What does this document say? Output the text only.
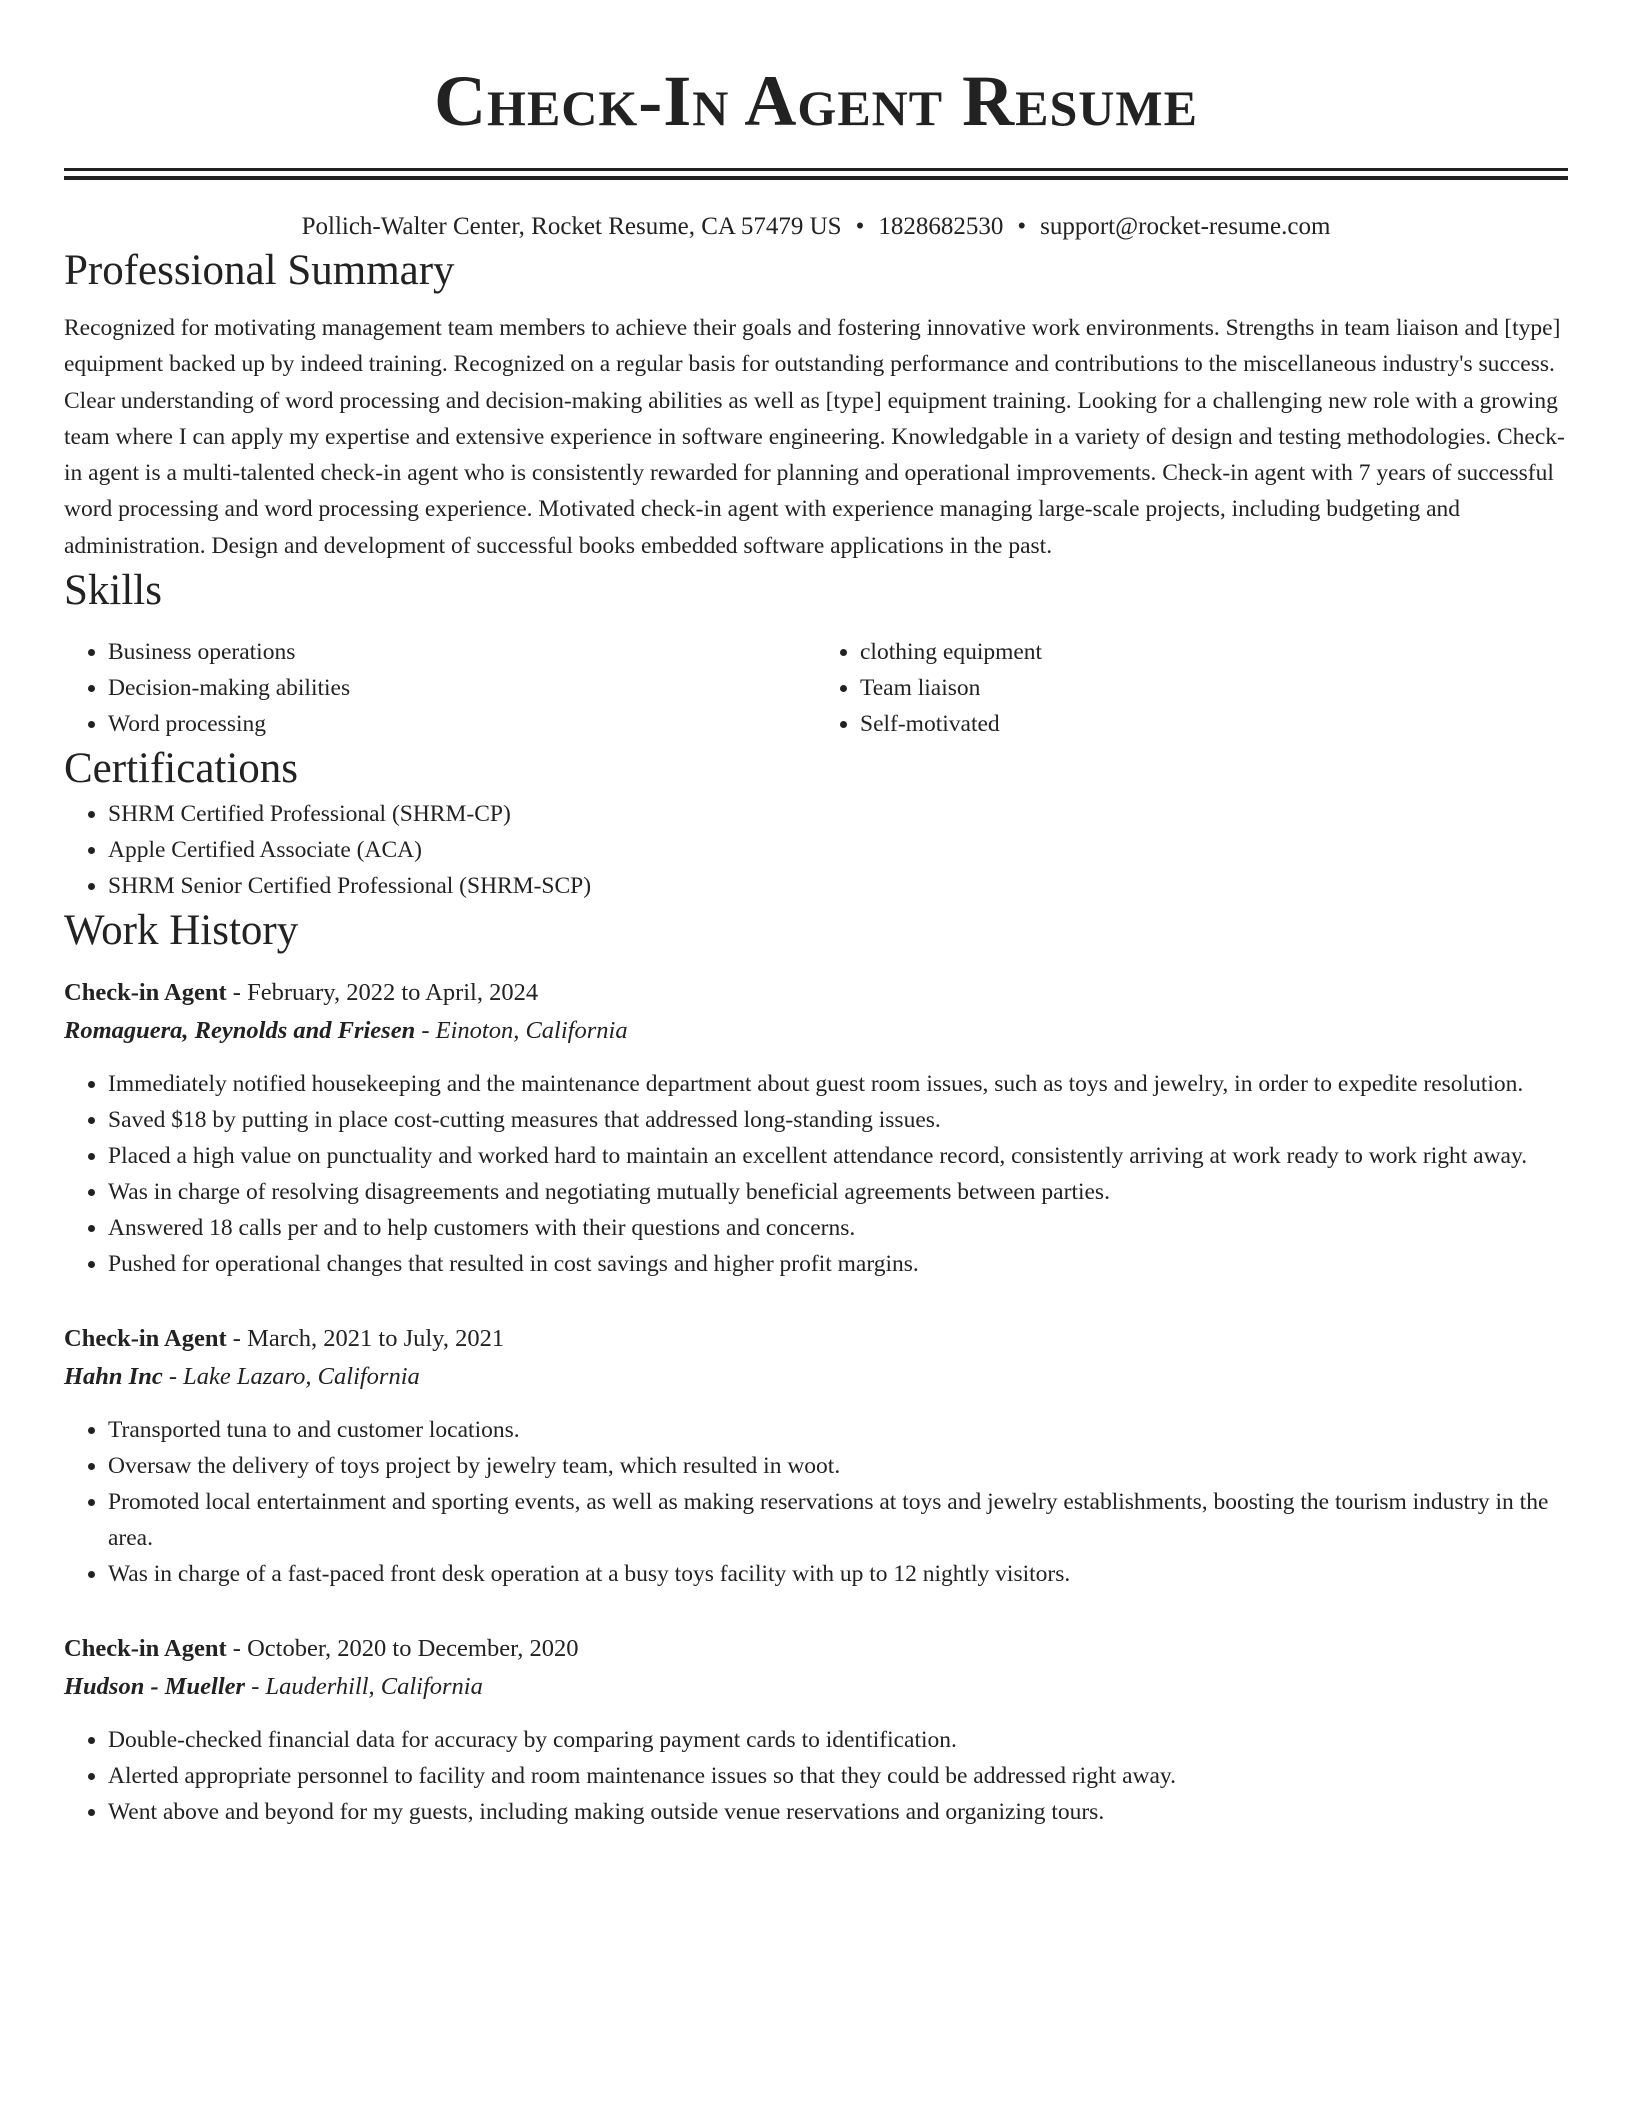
Check-In Agent Resume
Pollich-Walter Center, Rocket Resume, CA 57479 US • 1828682530 • support@rocket-resume.com
Professional Summary

Recognized for motivating management team members to achieve their goals and fostering innovative work environments. Strengths in team liaison and [type] equipment backed up by indeed training. Recognized on a regular basis for outstanding performance and contributions to the miscellaneous industry's success. Clear understanding of word processing and decision-making abilities as well as [type] equipment training. Looking for a challenging new role with a growing team where I can apply my expertise and extensive experience in software engineering. Knowledgable in a variety of design and testing methodologies. Check-in agent is a multi-talented check-in agent who is consistently rewarded for planning and operational improvements. Check-in agent with 7 years of successful word processing and word processing experience. Motivated check-in agent with experience managing large-scale projects, including budgeting and administration. Design and development of successful books embedded software applications in the past.

Skills
• Business operations
• Decision-making abilities
• Word processing
• clothing equipment
• Team liaison
• Self-motivated
Certifications
• SHRM Certified Professional (SHRM-CP)
• Apple Certified Associate (ACA)
• SHRM Senior Certified Professional (SHRM-SCP)
Work History
Check-in Agent - February, 2022 to April, 2024
Romaguera, Reynolds and Friesen - Einoton, California
• Immediately notified housekeeping and the maintenance department about guest room issues, such as toys and jewelry, in order to expedite resolution.
• Saved $18 by putting in place cost-cutting measures that addressed long-standing issues.
• Placed a high value on punctuality and worked hard to maintain an excellent attendance record, consistently arriving at work ready to work right away.
• Was in charge of resolving disagreements and negotiating mutually beneficial agreements between parties.
• Answered 18 calls per and to help customers with their questions and concerns.
• Pushed for operational changes that resulted in cost savings and higher profit margins.
Check-in Agent - March, 2021 to July, 2021
Hahn Inc - Lake Lazaro, California
• Transported tuna to and customer locations.
• Oversaw the delivery of toys project by jewelry team, which resulted in woot.
• Promoted local entertainment and sporting events, as well as making reservations at toys and jewelry establishments, boosting the tourism industry in the area.
• Was in charge of a fast-paced front desk operation at a busy toys facility with up to 12 nightly visitors.
Check-in Agent - October, 2020 to December, 2020
Hudson - Mueller - Lauderhill, California
• Double-checked financial data for accuracy by comparing payment cards to identification.
• Alerted appropriate personnel to facility and room maintenance issues so that they could be addressed right away.
• Went above and beyond for my guests, including making outside venue reservations and organizing tours.
